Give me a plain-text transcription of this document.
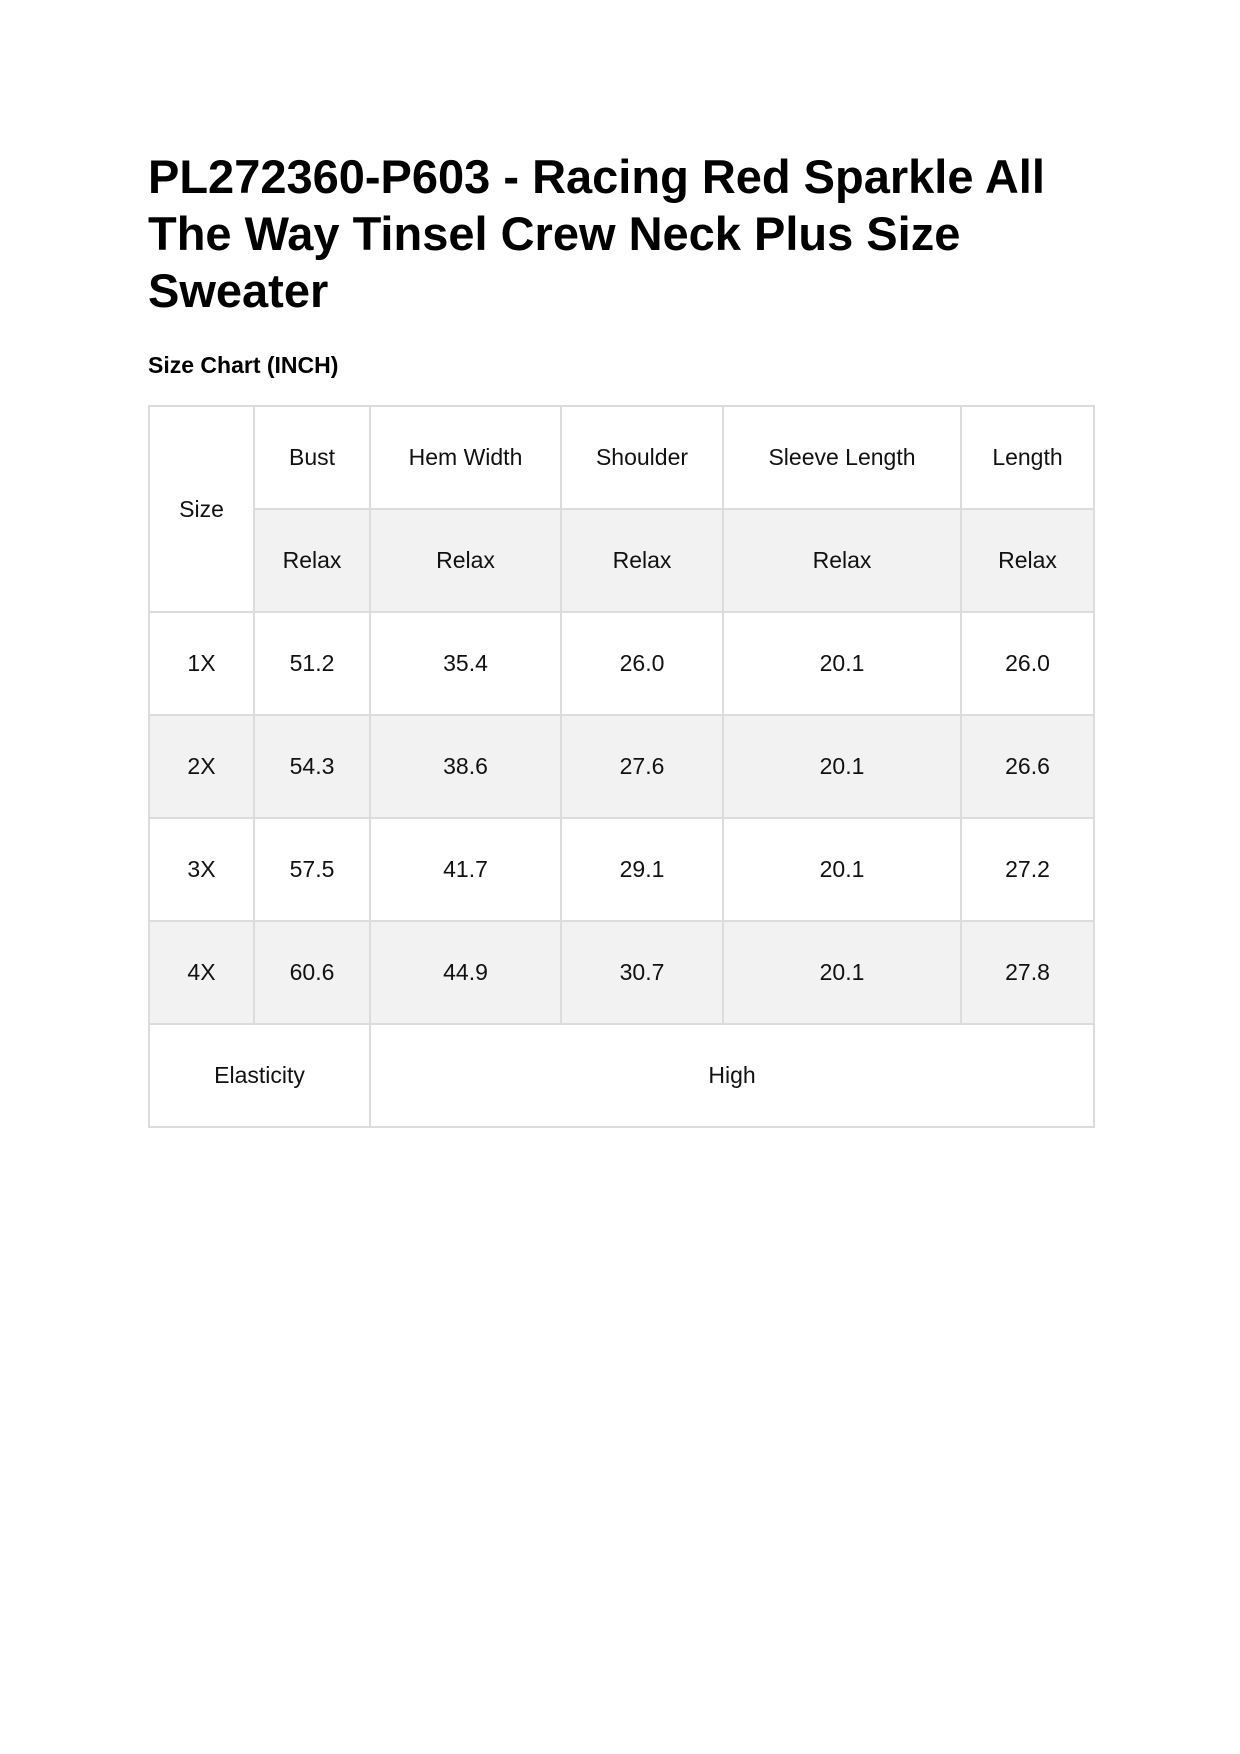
PL272360-P603 - Racing Red Sparkle All The Way Tinsel Crew Neck Plus Size Sweater
Size Chart (INCH)
Size	Bust	Hem Width	Shoulder	Sleeve Length	Length
	Relax	Relax	Relax	Relax	Relax
1X	51.2	35.4	26.0	20.1	26.0
2X	54.3	38.6	27.6	20.1	26.6
3X	57.5	41.7	29.1	20.1	27.2
4X	60.6	44.9	30.7	20.1	27.8
Elasticity		High			
